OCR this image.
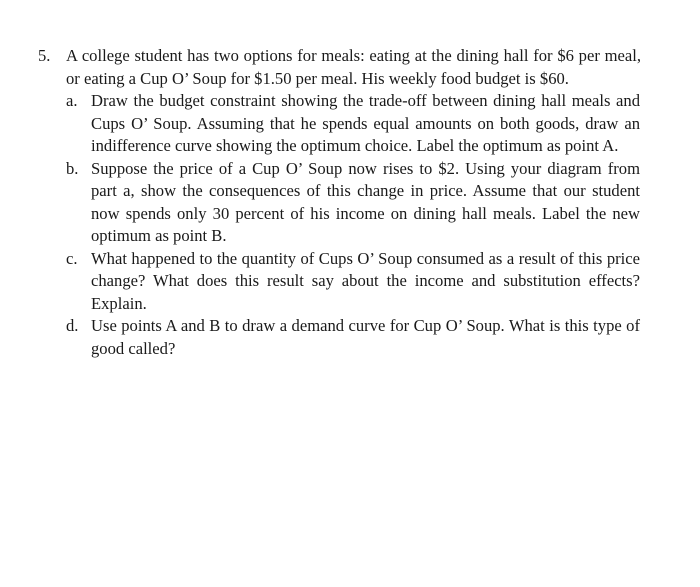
5. A college student has two options for meals: eating at the dining hall for $6 per meal, or eating a Cup O’ Soup for $1.50 per meal. His weekly food budget is $60.
a. Draw the budget constraint showing the trade-off between dining hall meals and Cups O’ Soup. Assuming that he spends equal amounts on both goods, draw an indifference curve showing the optimum choice. Label the optimum as point A.
b. Suppose the price of a Cup O’ Soup now rises to $2. Using your diagram from part a, show the consequences of this change in price. Assume that our student now spends only 30 percent of his income on dining hall meals. Label the new optimum as point B.
c. What happened to the quantity of Cups O’ Soup consumed as a result of this price change? What does this result say about the income and substitution effects? Explain.
d. Use points A and B to draw a demand curve for Cup O’ Soup. What is this type of good called?
